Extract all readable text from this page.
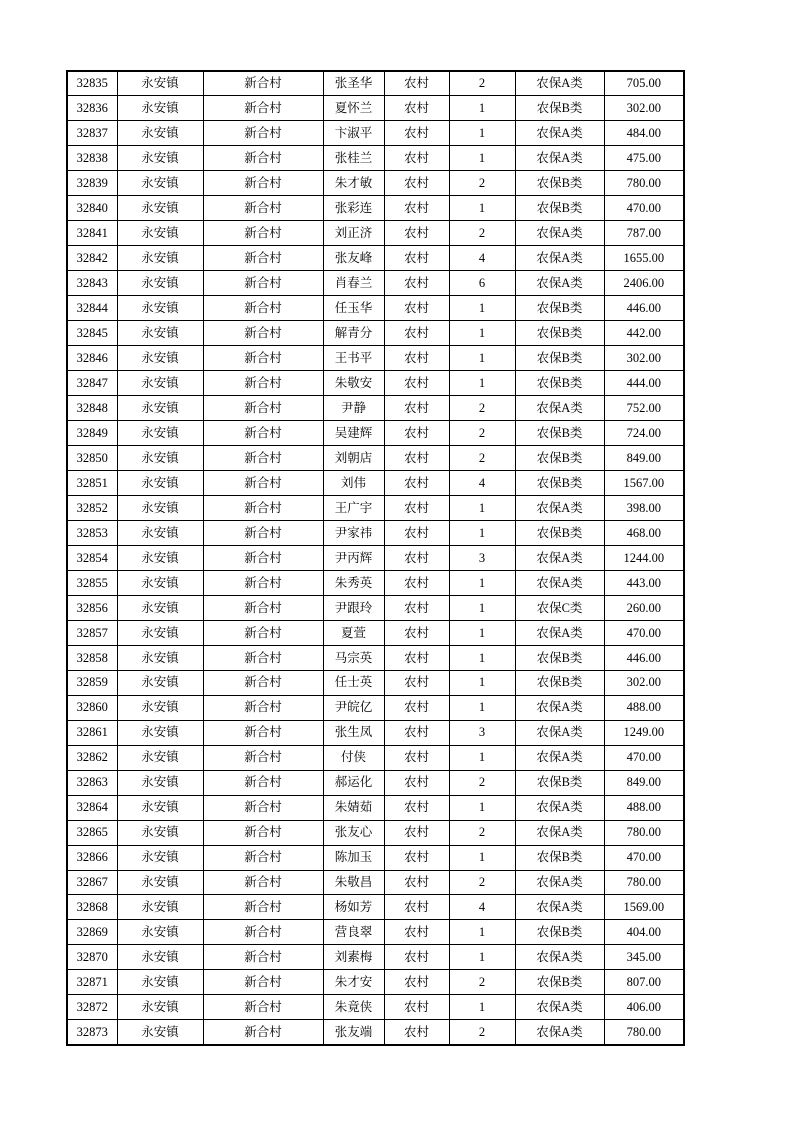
32835	永安镇	新合村	张圣华	农村	2	农保A类	705.00
32836	永安镇	新合村	夏怀兰	农村	1	农保B类	302.00
32837	永安镇	新合村	卞淑平	农村	1	农保A类	484.00
32838	永安镇	新合村	张桂兰	农村	1	农保A类	475.00
32839	永安镇	新合村	朱才敏	农村	2	农保B类	780.00
32840	永安镇	新合村	张彩连	农村	1	农保B类	470.00
32841	永安镇	新合村	刘正济	农村	2	农保A类	787.00
32842	永安镇	新合村	张友峰	农村	4	农保A类	1655.00
32843	永安镇	新合村	肖春兰	农村	6	农保A类	2406.00
32844	永安镇	新合村	任玉华	农村	1	农保B类	446.00
32845	永安镇	新合村	解青分	农村	1	农保B类	442.00
32846	永安镇	新合村	王书平	农村	1	农保B类	302.00
32847	永安镇	新合村	朱敬安	农村	1	农保B类	444.00
32848	永安镇	新合村	尹静	农村	2	农保A类	752.00
32849	永安镇	新合村	吴建辉	农村	2	农保B类	724.00
32850	永安镇	新合村	刘朝店	农村	2	农保B类	849.00
32851	永安镇	新合村	刘伟	农村	4	农保B类	1567.00
32852	永安镇	新合村	王广宇	农村	1	农保A类	398.00
32853	永安镇	新合村	尹家祎	农村	1	农保B类	468.00
32854	永安镇	新合村	尹丙辉	农村	3	农保A类	1244.00
32855	永安镇	新合村	朱秀英	农村	1	农保A类	443.00
32856	永安镇	新合村	尹跟玲	农村	1	农保C类	260.00
32857	永安镇	新合村	夏萱	农村	1	农保A类	470.00
32858	永安镇	新合村	马宗英	农村	1	农保B类	446.00
32859	永安镇	新合村	任士英	农村	1	农保B类	302.00
32860	永安镇	新合村	尹皖亿	农村	1	农保A类	488.00
32861	永安镇	新合村	张生凤	农村	3	农保A类	1249.00
32862	永安镇	新合村	付侠	农村	1	农保A类	470.00
32863	永安镇	新合村	郝运化	农村	2	农保B类	849.00
32864	永安镇	新合村	朱婧茹	农村	1	农保A类	488.00
32865	永安镇	新合村	张友心	农村	2	农保A类	780.00
32866	永安镇	新合村	陈加玉	农村	1	农保B类	470.00
32867	永安镇	新合村	朱敬昌	农村	2	农保A类	780.00
32868	永安镇	新合村	杨如芳	农村	4	农保A类	1569.00
32869	永安镇	新合村	营良翠	农村	1	农保B类	404.00
32870	永安镇	新合村	刘素梅	农村	1	农保A类	345.00
32871	永安镇	新合村	朱才安	农村	2	农保B类	807.00
32872	永安镇	新合村	朱竟侠	农村	1	农保A类	406.00
32873	永安镇	新合村	张友端	农村	2	农保A类	780.00
